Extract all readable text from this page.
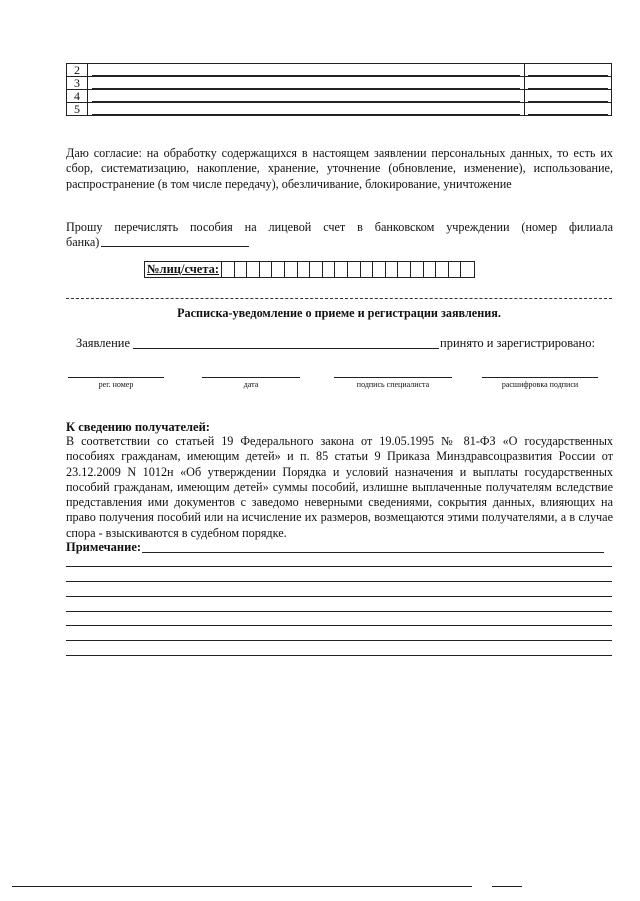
2	

3	

4	

5	

Даю согласие: на обработку содержащихся в настоящем заявлении персональных данных, то есть их сбор, систематизацию, накопление, хранение, уточнение (обновление, изменение), использование, распространение (в том числе передачу), обезличивание, блокирование, уничтожение
Прошу перечислять пособия на лицевой счет в банковском учреждении (номер филиала
банка)
№лиц/счета:
Расписка-уведомление о приеме и регистрации заявления.
Заявление	принято и зарегистрировано:
рег. номер	дата	подпись специалиста	расшифровка подписи
К сведению получателей:
В соответствии со статьей 19 Федерального закона от 19.05.1995 № 81-ФЗ «О государственных пособиях гражданам, имеющим детей» и п. 85 статьи 9 Приказа Минздравсоцразвития России от 23.12.2009 N 1012н «Об утверждении Порядка и условий назначения и выплаты государственных пособий гражданам, имеющим детей» суммы пособий, излишне выплаченные получателям вследствие представления ими документов с заведомо неверными сведениями, сокрытия данных, влияющих на право получения пособий или на исчисление их размеров, возмещаются этими получателями, а в случае спора - взыскиваются в судебном порядке.
Примечание:
